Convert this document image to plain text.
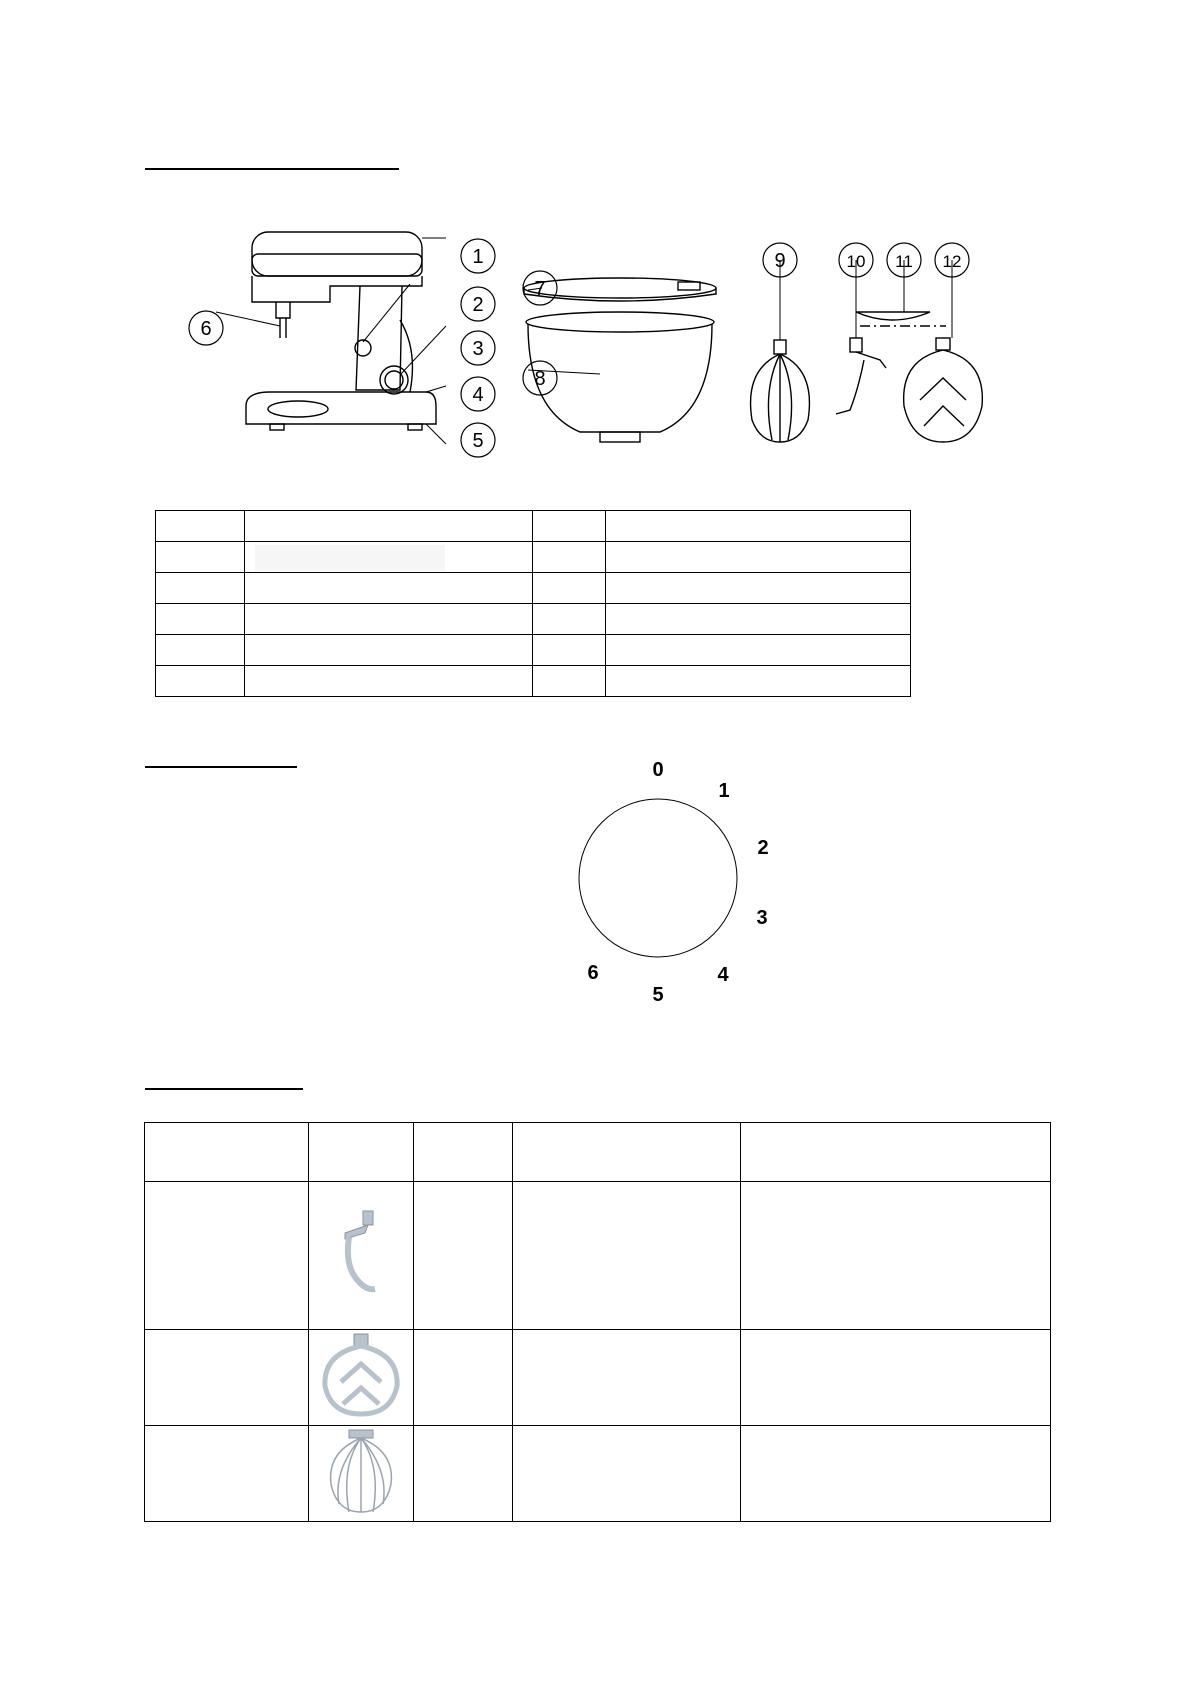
1
2
3
4
5
6
7
8
9	10 11 12

0
1
2
3
4
5
6
